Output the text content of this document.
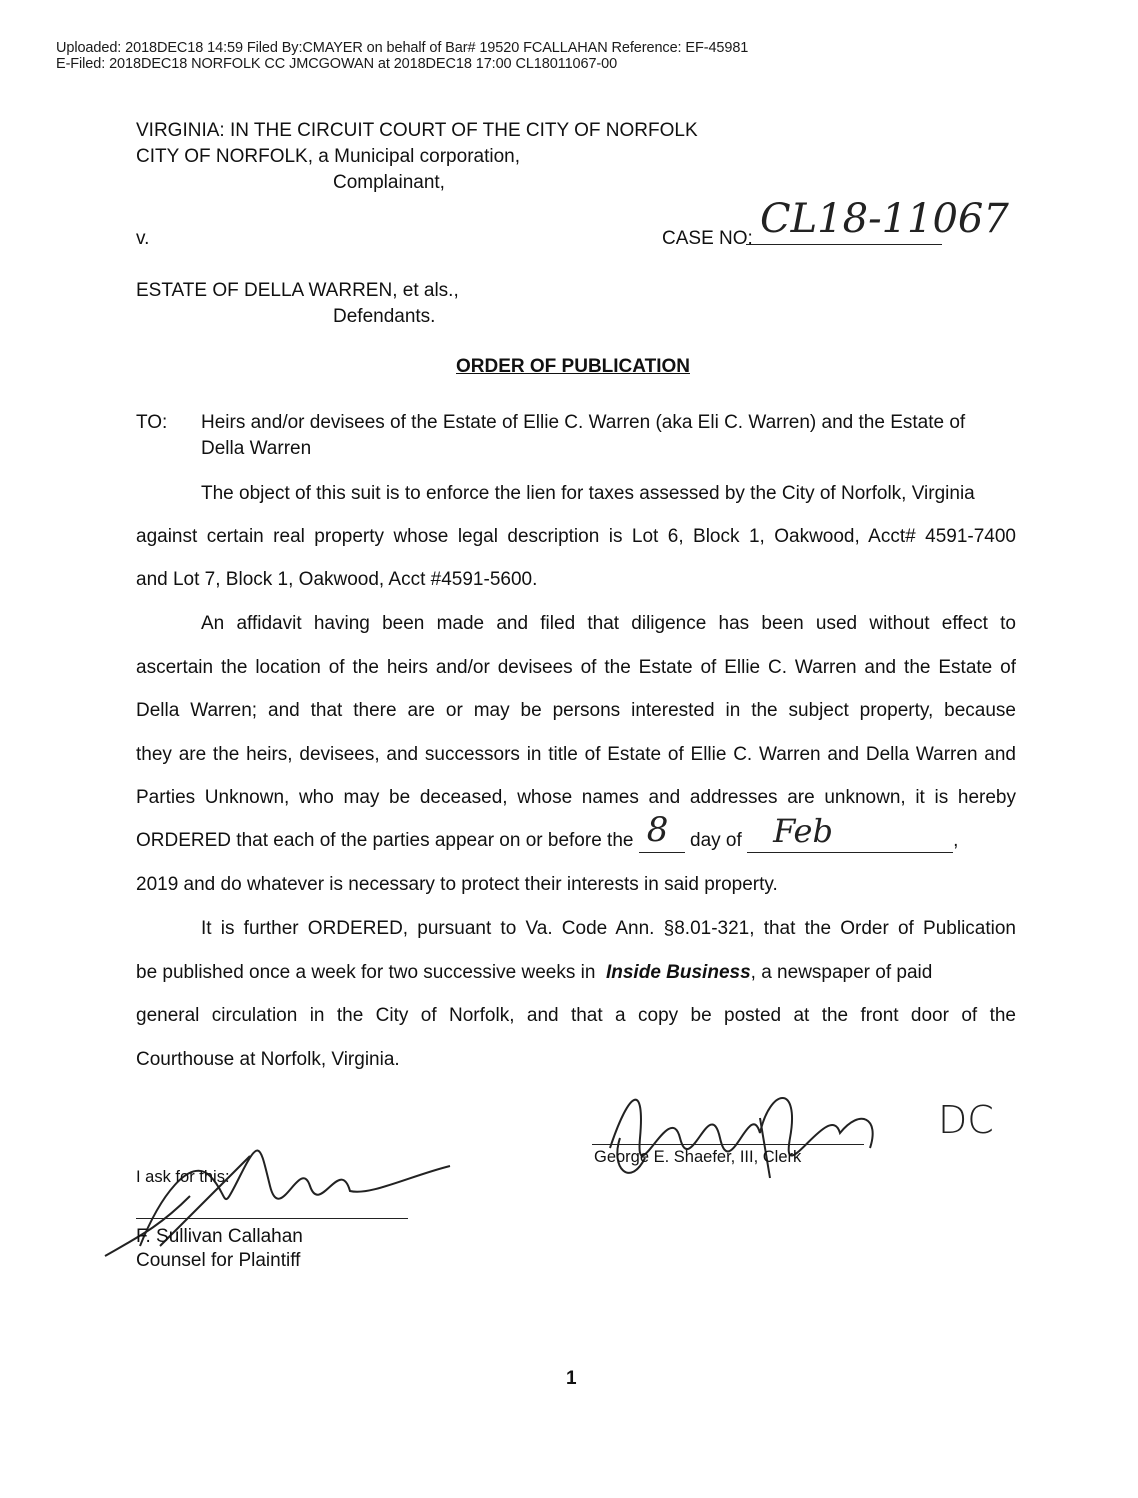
Uploaded: 2018DEC18 14:59 Filed By:CMAYER on behalf of Bar# 19520 FCALLAHAN Reference: EF-45981
E-Filed: 2018DEC18 NORFOLK CC JMCGOWAN at 2018DEC18 17:00 CL18011067-00
VIRGINIA: IN THE CIRCUIT COURT OF THE CITY OF NORFOLK
CITY OF NORFOLK, a Municipal corporation,
Complainant,
v.	CASE NO: CL18-11067
ESTATE OF DELLA WARREN, et als.,
Defendants.
ORDER OF PUBLICATION
TO: Heirs and/or devisees of the Estate of Ellie C. Warren (aka Eli C. Warren) and the Estate of
Della Warren
The object of this suit is to enforce the lien for taxes assessed by the City of Norfolk, Virginia
against certain real property whose legal description is Lot 6, Block 1, Oakwood, Acct# 4591-7400
and Lot 7, Block 1, Oakwood, Acct #4591-5600.
An affidavit having been made and filed that diligence has been used without effect to
ascertain the location of the heirs and/or devisees of the Estate of Ellie C. Warren and the Estate of
Della Warren; and that there are or may be persons interested in the subject property, because
they are the heirs, devisees, and successors in title of Estate of Ellie C. Warren and Della Warren and
Parties Unknown, who may be deceased, whose names and addresses are unknown, it is hereby
ORDERED that each of the parties appear on or before the 8 day of Feb	,
2019 and do whatever is necessary to protect their interests in said property.
It is further ORDERED, pursuant to Va. Code Ann. §8.01-321, that the Order of Publication
be published once a week for two successive weeks in Inside Business, a newspaper of paid
general circulation in the City of Norfolk, and that a copy be posted at the front door of the
Courthouse at Norfolk, Virginia.
DC
George E. Shaefer, III, Clerk
I ask for this:
F. Sullivan Callahan
Counsel for Plaintiff
1
